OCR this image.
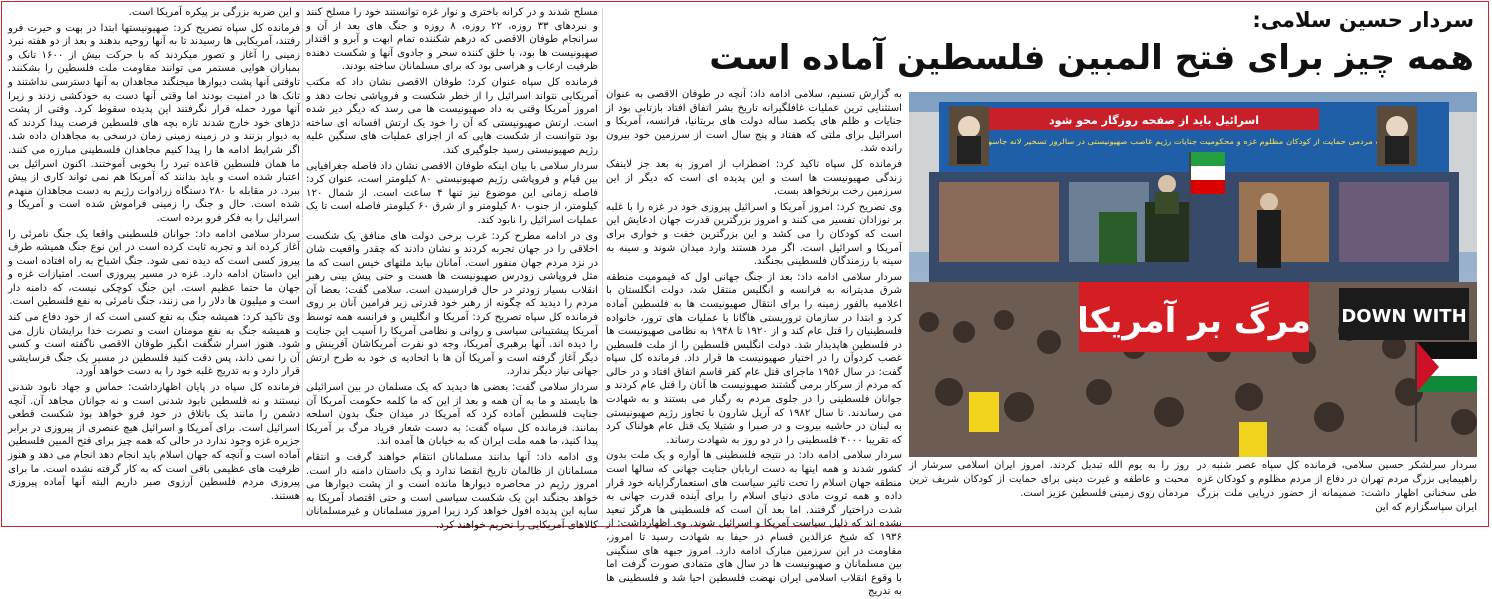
سردار حسین سلامی:
همه چیز برای فتح المبین فلسطین آماده است
اسرائیل باید از صفحه روزگار محو شود
تجمع بزرگ مردمی حمایت از کودکان مظلوم غزه و محکومیت جنایات رژیم غاصب صهیونیستی در سالروز تسخیر لانه جاسوسی
مرگ بر آمریکا DOWN WITH

سردار سرلشکر حسین سلامی، فرمانده کل سپاه عصر شنبه در راهپیمایی بزرگ مردم تهران در دفاع از مردم مظلوم و کودکان غزه طی سخنانی اظهار داشت: صمیمانه از حضور دریایی ملت بزرگ ایران سپاسگزارم که این

روز را به یوم الله تبدیل کردند. امروز ایران اسلامی سرشار از محبت و عاطفه و غیرت دینی برای حمایت از کودکان شریف ترین مردمان روی زمینی فلسطین عزیز است.

به گزارش تسنیم، سلامی ادامه داد: آنچه در طوفان الاقصی به عنوان استثنایی ترین عملیات غافلگیرانه تاریخ بشر اتفاق افتاد بازتابی بود از جنایات و ظلم های یکصد ساله دولت های بریتانیا، فرانسه، آمریکا و اسرائیل برای ملتی که هفتاد و پنج سال است از سرزمین خود بیرون رانده شد.

فرمانده کل سپاه تاکید کرد: اضطراب از امروز به بعد جز لاینفک زندگی صهیونیست ها است و این پدیده ای است که دیگر از این سرزمین رخت برنخواهد بست.

وی تصریح کرد: امروز آمریکا و اسرائیل پیروزی خود در غزه را با غلبه بر نوزادان تفسیر می کنند و امروز بزرگترین قدرت جهان ادعایش این است که کودکان را می کشد و این بزرگترین خفت و خواری برای آمریکا و اسرائیل است. اگر مرد هستند وارد میدان شوند و سینه به سینه با رزمندگان فلسطینی بجنگند.

سردار سلامی ادامه داد: بعد از جنگ جهانی اول که قیمومیت منطقه شرق مدیترانه به فرانسه و انگلیس منتقل شد، دولت انگلستان با اعلامیه بالفور زمینه را برای انتقال صهیونیست ها به فلسطین آماده کرد و ابتدا در سازمان تروریستی هاگانا با عملیات های ترور، خانواده فلسطینیان را قتل عام کند و از ۱۹۲۰ تا ۱۹۴۸ به نظامی صهیونیست ها در فلسطین هاپدیدار شد. دولت انگلیس فلسطین را از ملت فلسطین غصب کردوآن را در اختیار صهیونیست ها قرار داد. فرمانده کل سپاه گفت: در سال ۱۹۵۶ ماجرای قتل عام کفر قاسم اتفاق افتاد و در حالی که مردم از سرکار برمی گشتند صهیونیست ها آنان را قتل عام کردند و جوانان فلسطینی را در جلوی مردم به رگبار می بستند و به شهادت می رساندند. تا سال ۱۹۸۲ که آریل شارون با تجاوز رژیم صهیونیستی به لبنان در حاشیه بیروت و در صبرا و شتیلا یک قتل عام هولناک کرد که تقریبا ۴۰۰۰ فلسطینی را در دو روز به شهادت رساند.

سردار سلامی ادامه داد: در نتیجه فلسطینی ها آواره و یک ملت بدون کشور شدند و همه اینها به دست اربابان جنایت جهانی که سالها است منطقه جهان اسلام را تحت تاثیر سیاست های استعمارگرایانه خود قرار داده و همه ثروت مادی دنیای اسلام را برای آینده قدرت جهانی به شدت دراختیار گرفتند. اما بعد آن است که فلسطینی ها هرگز تبعید نشده اند که ذلیل سیاست آمریکا و اسرائیل شوند. وی اظهارداشت: از ۱۹۳۶ که شیخ عزالدین قسام در حیفا به شهادت رسید تا امروز، مقاومت در این سرزمین مبارک ادامه دارد. امروز جبهه های سنگینی بین مسلمانان و صهیونیست ها در سال های متمادی صورت گرفت اما با وقوع انقلاب اسلامی ایران نهضت فلسطین احیا شد و فلسطینی ها به تدریج

مسلح شدند و در کرانه باختری و نوار غزه توانستند خود را مسلح کنند و نبردهای ۳۳ روزه، ۲۲ روزه، ۸ روزه و جنگ های بعد از آن و سرانجام طوفان الاقصی که درهم شکننده تمام ابهت و آبرو و اقتدار صهیونیست ها بود، با خلق کننده سحر و جادوی آنها و شکست دهنده ظرفیت ارعاب و هراسی بود که برای مسلمانان ساخته بودند.

فرمانده کل سپاه عنوان کرد: طوفان الاقصی نشان داد که مکتب آمریکایی نتواند اسرائیل را از خطر شکست و فروپاشی نجات دهد و امروز آمریکا وقتی به داد صهیونیست ها می رسد که دیگر دیر شده است. ارتش صهیونیستی که آن را خود یک ارتش افسانه ای ساخته بود نتوانست از شکست هایی که از اجزای عملیات های سنگین علیه رژیم صهیونیستی رسید جلوگیری کند.

سردار سلامی با بیان اینکه طوفان الاقصی نشان داد فاصله جغرافیایی بین قیام و فروپاشی رژیم صهیونیستی ۸۰ کیلومتر است، عنوان کرد: فاصله زمانی این موضوع نیز تنها ۴ ساعت است. از شمال ۱۲۰ کیلومتر، از جنوب ۸۰ کیلومتر و از شرق ۶۰ کیلومتر فاصله است تا یک عملیات اسرائیل را نابود کند.

وی در ادامه مطرح کرد: غرب برخی دولت های منافق یک شکست اخلاقی را در جهان تجربه کردند و نشان دادند که چقدر واقعیت شان در نزد مردم جهان منفور است. آمانان بیاید ملتهای خیس است که ما مثل فروپاشی زودرس صهیونیست ها هست و حتی پیش بینی رهبر انقلاب بسیار زودتر در حال فرارسیدن است. سلامی گفت: بعضا آن مردم را دیدید که چگونه از رهبر خود قدرتی زیر فرامین آنان بر روی فرمانده کل سپاه تصریح کرد: آمریکا و انگلیس و فرانسه همه توسط آمریکا پیشتیبانی سیاسی و روانی و نظامی آمریکا را آسیب این جنایت را دیده اند. آنها برهبری آمریکا، وجه دو نفرت آمریکاشان آفرینش و دیگر آغاز گرفته است و آمریکا آن ها با اتحادیه ی خود به طرح ارتش جهانی نیاز دیگر ندارد.

سردار سلامی گفت: بعضی ها دیدید که یک مسلمان در بین اسرائیلی ها بایستد و ما به آن همه و بعد از این که ما کلمه حکومت آمریکا آن جنایت فلسطین آماده کرد که آمریکا در میدان جنگ بدون اسلحه بمانند. فرمانده کل سپاه گفت: به دست شعار فریاد مرگ بر آمریکا پیدا کنید، ما همه ملت ایران که به خیابان ها آمده اند.

وی ادامه داد: آنها بدانند مسلمانان انتقام خواهند گرفت و انتقام مسلمانان از ظالمان تاریخ انقضا ندارد و یک داستان دامنه دار است. امروز رژیم در محاصره دیوارها مانده است و از پشت دیوارها می خواهد بجنگند این یک شکست سیاسی است و حتی اقتصاد آمریکا به سایه این پدیده افول خواهد کرد زیرا امروز مسلمانان و غیرمسلمانان کالاهای آمریکایی را تحریم خواهند کرد.

و این ضربه بزرگی بر پیکره آمریکا است.

فرمانده کل سپاه تصریح کرد: صهیونیستها ابتدا در بهت و حیرت فرو رفتند، آمریکایی ها رسیدند تا به آنها روحیه بدهند و بعد از دو هفته نبرد زمینی را آغاز و تصور میکردند که با حرکت بیش از ۱۶۰۰ تانک و بمباران هوایی مستمر می توانند مقاومت ملت فلسطین را بشکنند. تاوقتی آنها پشت دیوارها میجنگند مجاهدان به آنها دسترسی نداشتند و تانک ها در امنیت بودند اما وقتی آنها دست به خودکشی زدند و زیرا آنها مورد حمله قرار نگرفتند این پدیده سقوط کرد. وقتی از پشت دژهای خود خارج شدند تازه بچه های فلسطین فرصت پیدا کردند که به دیوار بزنند و در زمینه زمینی زمان درسخی به مجاهدان داده شد. اگر شرایط ادامه ها را پیدا کنیم مجاهدان فلسطینی مبارزه می کنند. ما همان فلسطین قاعده تبرد را بخوبی آموختند. اکنون اسرائیل بی اعتبار شده است و باید بدانند که آمریکا هم نمی تواند کاری از پیش ببرد. در مقابله با ۲۸۰ دستگاه زرادوات رژیم به دست مجاهدان منهدم شده است. حال و جنگ را زمینی فراموش شده است و آمریکا و اسرائیل را به فکر فرو برده است.

سردار سلامی ادامه داد: جوانان فلسطینی واقعا یک جنگ نامرئی را آغاز کرده اند و تجربه ثابت کرده است در این نوع جنگ همیشه طرف پیروز کسی است که دیده نمی شود. جنگ اشباح به راه افتاده است و این داستان ادامه دارد. غزه در مسیر پیروزی است. امتیازات غزه و جهان ما حتما عظیم است. این جنگ کوچکی نیست، که دامنه دار است و میلیون ها دلار را می زنند، جنگ نامرئی به نفع فلسطین است.

وی تاکید کرد: همیشه جنگ به نفع کسی است که از خود دفاع می کند و همیشه جنگ به نفع مومنان است و نصرت خدا برایشان نازل می شود. هنوز اسرار شگفت انگیز طوفان الاقصی ناگفته است و کسی آن را نمی داند، پس دقت کنید فلسطین در مسیر یک جنگ فرسایشی قرار دارد و به تدریج غلبه خود را به دست خواهد آورد.

فرمانده کل سپاه در پایان اظهارداشت: حماس و جهاد نابود شدنی نیستند و نه فلسطین نابود شدنی است و نه جوانان مجاهد آن. آنچه دشمن را مانند یک باتلاق در خود فرو خواهد بود شکست قطعی اسرائیل است. برای آمریکا و اسرائیل هیچ عنصری از پیروزی در برابر جزیره غزه وجود ندارد در حالی که همه چیز برای فتح المبین فلسطین آماده است و آنچه که جهان اسلام باید انجام دهد انجام می دهد و هنوز ظرفیت های عظیمی باقی است که به کار گرفته نشده است. ما برای پیروزی مردم فلسطین آرزوی صبر داریم البته آنها آماده پیروزی هستند.
